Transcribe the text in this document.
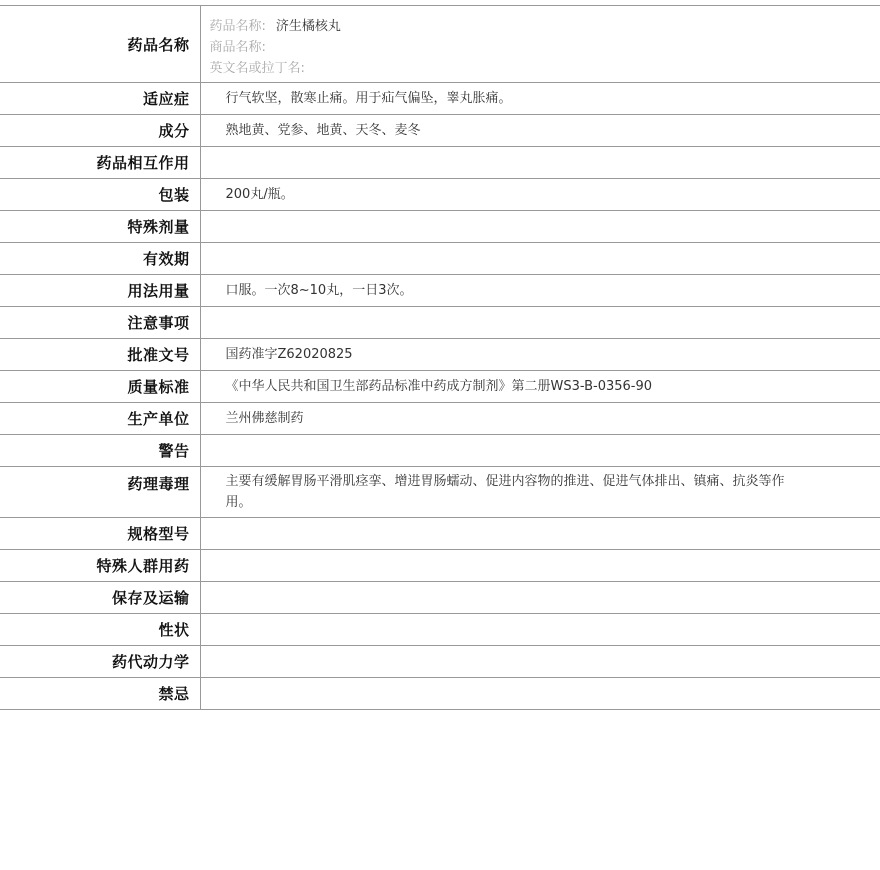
药品名称	药品名称: 济生橘核丸
商品名称:
英文名或拉丁名:

适应症	行气软坚，散寒止痛。用于疝气偏坠，睾丸胀痛。
成分	熟地黄、党参、地黄、天冬、麦冬
药品相互作用	
包装	200丸/瓶。
特殊剂量	
有效期	
用法用量	口服。一次8~10丸，一日3次。
注意事项	
批准文号	国药准字Z62020825
质量标准	《中华人民共和国卫生部药品标准中药成方制剂》第二册WS3-B-0356-90
生产单位	兰州佛慈制药
警告	
药理毒理	主要有缓解胃肠平滑肌痉挛、增进胃肠蠕动、促进内容物的推进、促进气体排出、镇痛、抗炎等作用。
规格型号	
特殊人群用药	
保存及运输	
性状	
药代动力学	
禁忌	
